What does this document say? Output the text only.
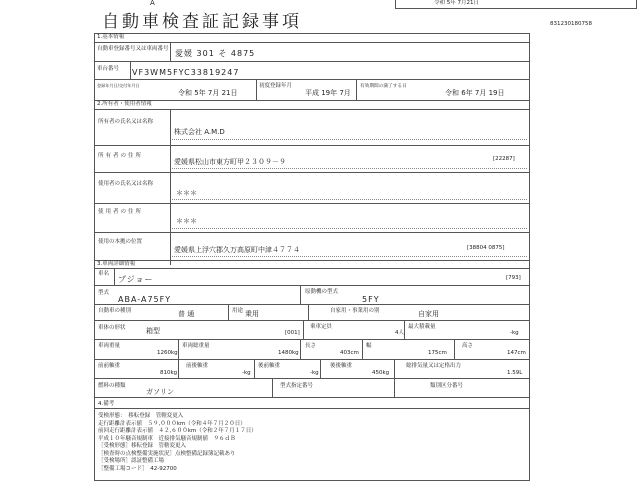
A
自動車検査証記録事項
令和 5年 7月21日
831230180758
1.基本情報
自動車登録番号又は車両番号 愛媛 301 そ 4875
車台番号 VF3WM5FYC33819247
登録年月日/交付年月日
令和 5年 7月 21日
初度登録年月
平成 19年 7月
有効期間の満了する日
令和 6年 7月 19日
2.所有者・使用者情報
所有者の氏名又は名称
株式会社 A.M.D
所有者の住所
愛媛県松山市東方町甲２３０９－９	[22287]
使用者の氏名又は名称
＊＊＊
使用者の住所
＊＊＊
使用の本拠の位置
愛媛県上浮穴郡久万高原町中津４７７４	[38804 0875]
3.車両詳細情報
車名
プジョー	[793]
型式
ABA-A75FY
原動機の型式
5FY
自動車の種別	普 通	用途 乗用	自家用・事業用の別	自家用
車体の形状	箱型	[001]
乗車定員
4人
最大積載量
-kg
車両重量
1260kg
車両総重量
1480kg
長さ
403cm
幅
175cm
高さ
147cm
前前軸重
810kg
前後軸重
-kg
後前軸重
-kg
後後軸重
450kg
総排気量又は定格出力
1.59L
燃料の種類
ガソリン
型式指定番号	類別区分番号
4.備考
受検形態：　移転登録　管轄変更入
走行距離計表示値　５９,０００km（令和４年７月２０日）
前回走行距離計表示値　４２,６００km（令和２年７月１７日）
平成１０年騒音規制車　近接排気騒音規制値　９６ｄＢ
［受検形態］移転登録　管轄変更入
［検査時の点検整備実施状況］点検整備記録簿記載あり
［受検場所］認証整備工場
［整備工場コード］　42-92700
